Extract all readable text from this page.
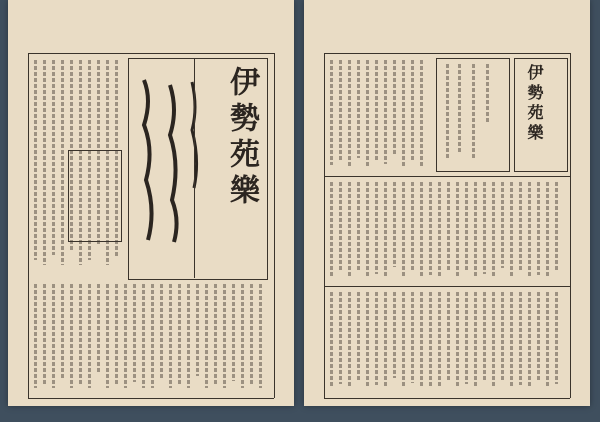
伊勢苑樂	伊勢苑樂
